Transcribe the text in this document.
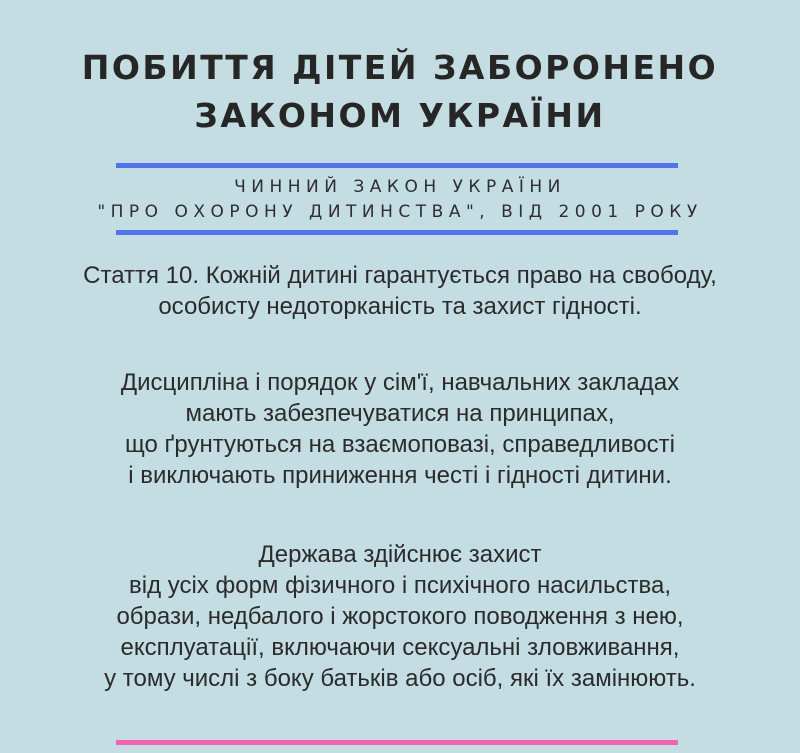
ПОБИТТЯ ДІТЕЙ ЗАБОРОНЕНО
ЗАКОНОМ УКРАЇНИ

ЧИННИЙ ЗАКОН УКРАЇНИ

"ПРО ОХОРОНУ ДИТИНСТВА", ВІД 2001 РОКУ

Стаття 10. Кожній дитині гарантується право на свободу,
особисту недоторканість та захист гідності.

Дисципліна і порядок у сім'ї, навчальних закладах
мають забезпечуватися на принципах,
що ґрунтуються на взаємоповазі, справедливості
і виключають приниження честі і гідності дитини.

Держава здійснює захист
від усіх форм фізичного і психічного насильства,
образи, недбалого і жорстокого поводження з нею,
експлуатації, включаючи сексуальні зловживання,
у тому числі з боку батьків або осіб, які їх замінюють.
